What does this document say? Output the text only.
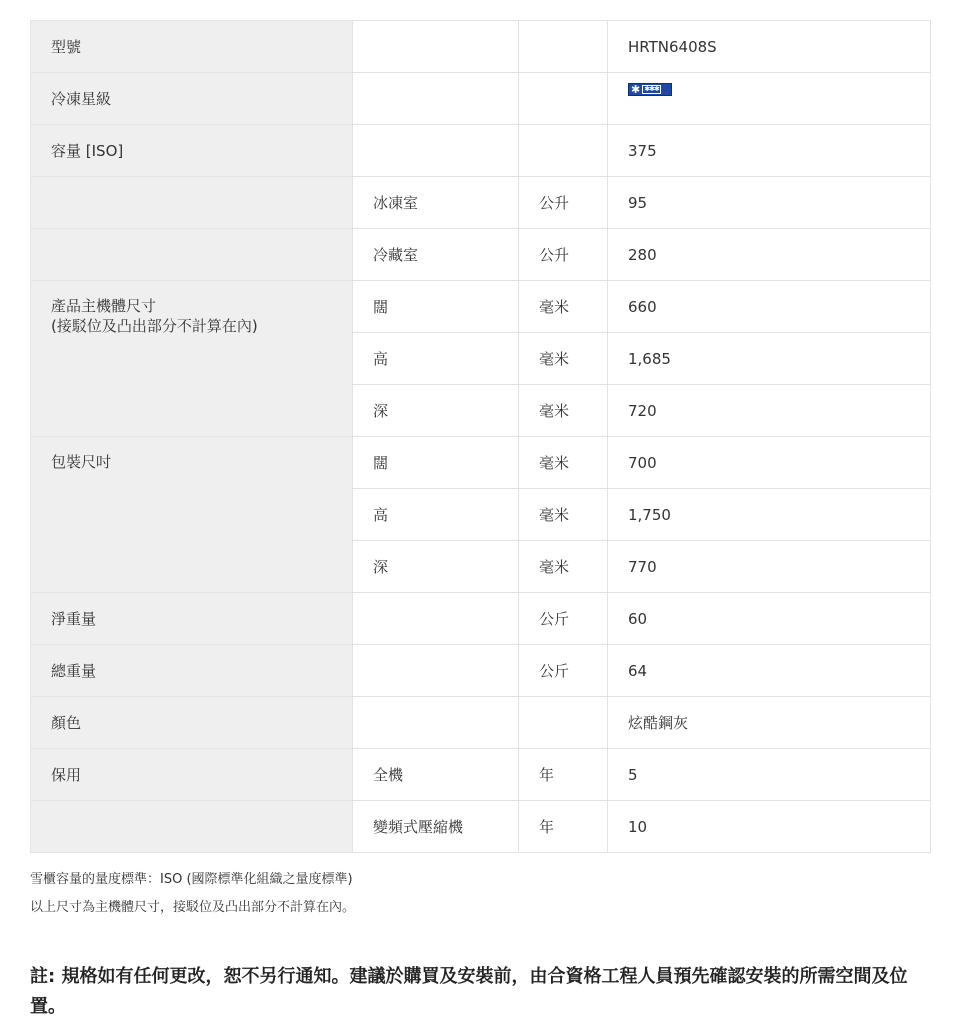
型號			HRTN6408S
冷凍星級			✱ ✱✱✱

容量 [ISO]			375
	冰凍室	公升	95
	冷藏室	公升	280

產品主機體尺寸
(接駁位及凸出部分不計算在內)	闊	毫米	660
	高	毫米	1,685
	深	毫米	720
包裝尺吋	闊	毫米	700
	高	毫米	1,750
	深	毫米	770
淨重量		公斤	60
總重量		公斤	64
顏色			炫酷鋼灰
保用	全機	年	5
	變頻式壓縮機	年	10

雪櫃容量的量度標準：ISO (國際標準化組織之量度標準)

以上尺寸為主機體尺寸，接駁位及凸出部分不計算在內。

註: 規格如有任何更改，恕不另行通知。建議於購買及安裝前，由合資格工程人員預先確認安裝的所需空間及位置。
